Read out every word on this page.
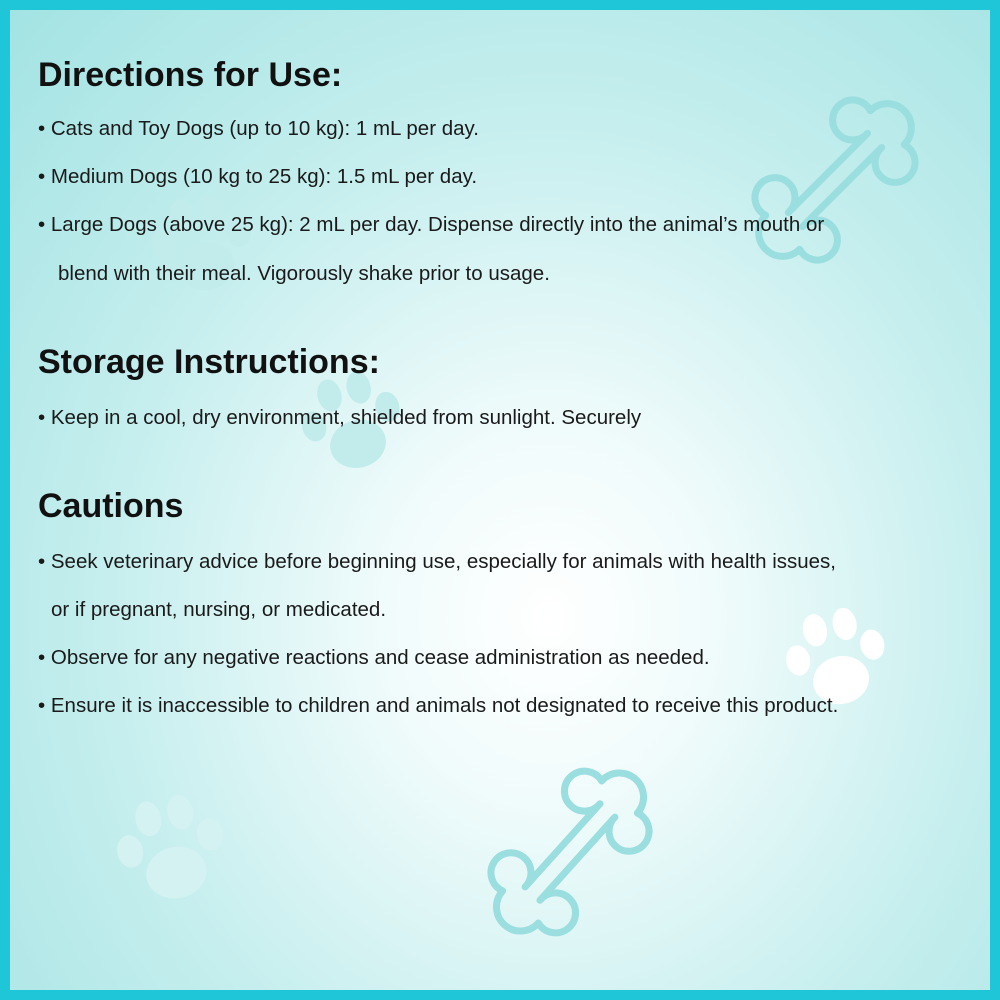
Directions for Use:

• Cats and Toy Dogs (up to 10 kg): 1 mL per day.

• Medium Dogs (10 kg to 25 kg): 1.5 mL per day.

• Large Dogs (above 25 kg): 2 mL per day. Dispense directly into the animal’s mouth or

blend with their meal. Vigorously shake prior to usage.

Storage Instructions:

• Keep in a cool, dry environment, shielded from sunlight. Securely

Cautions

• Seek veterinary advice before beginning use, especially for animals with health issues,

or if pregnant, nursing, or medicated.

• Observe for any negative reactions and cease administration as needed.

• Ensure it is inaccessible to children and animals not designated to receive this product.
